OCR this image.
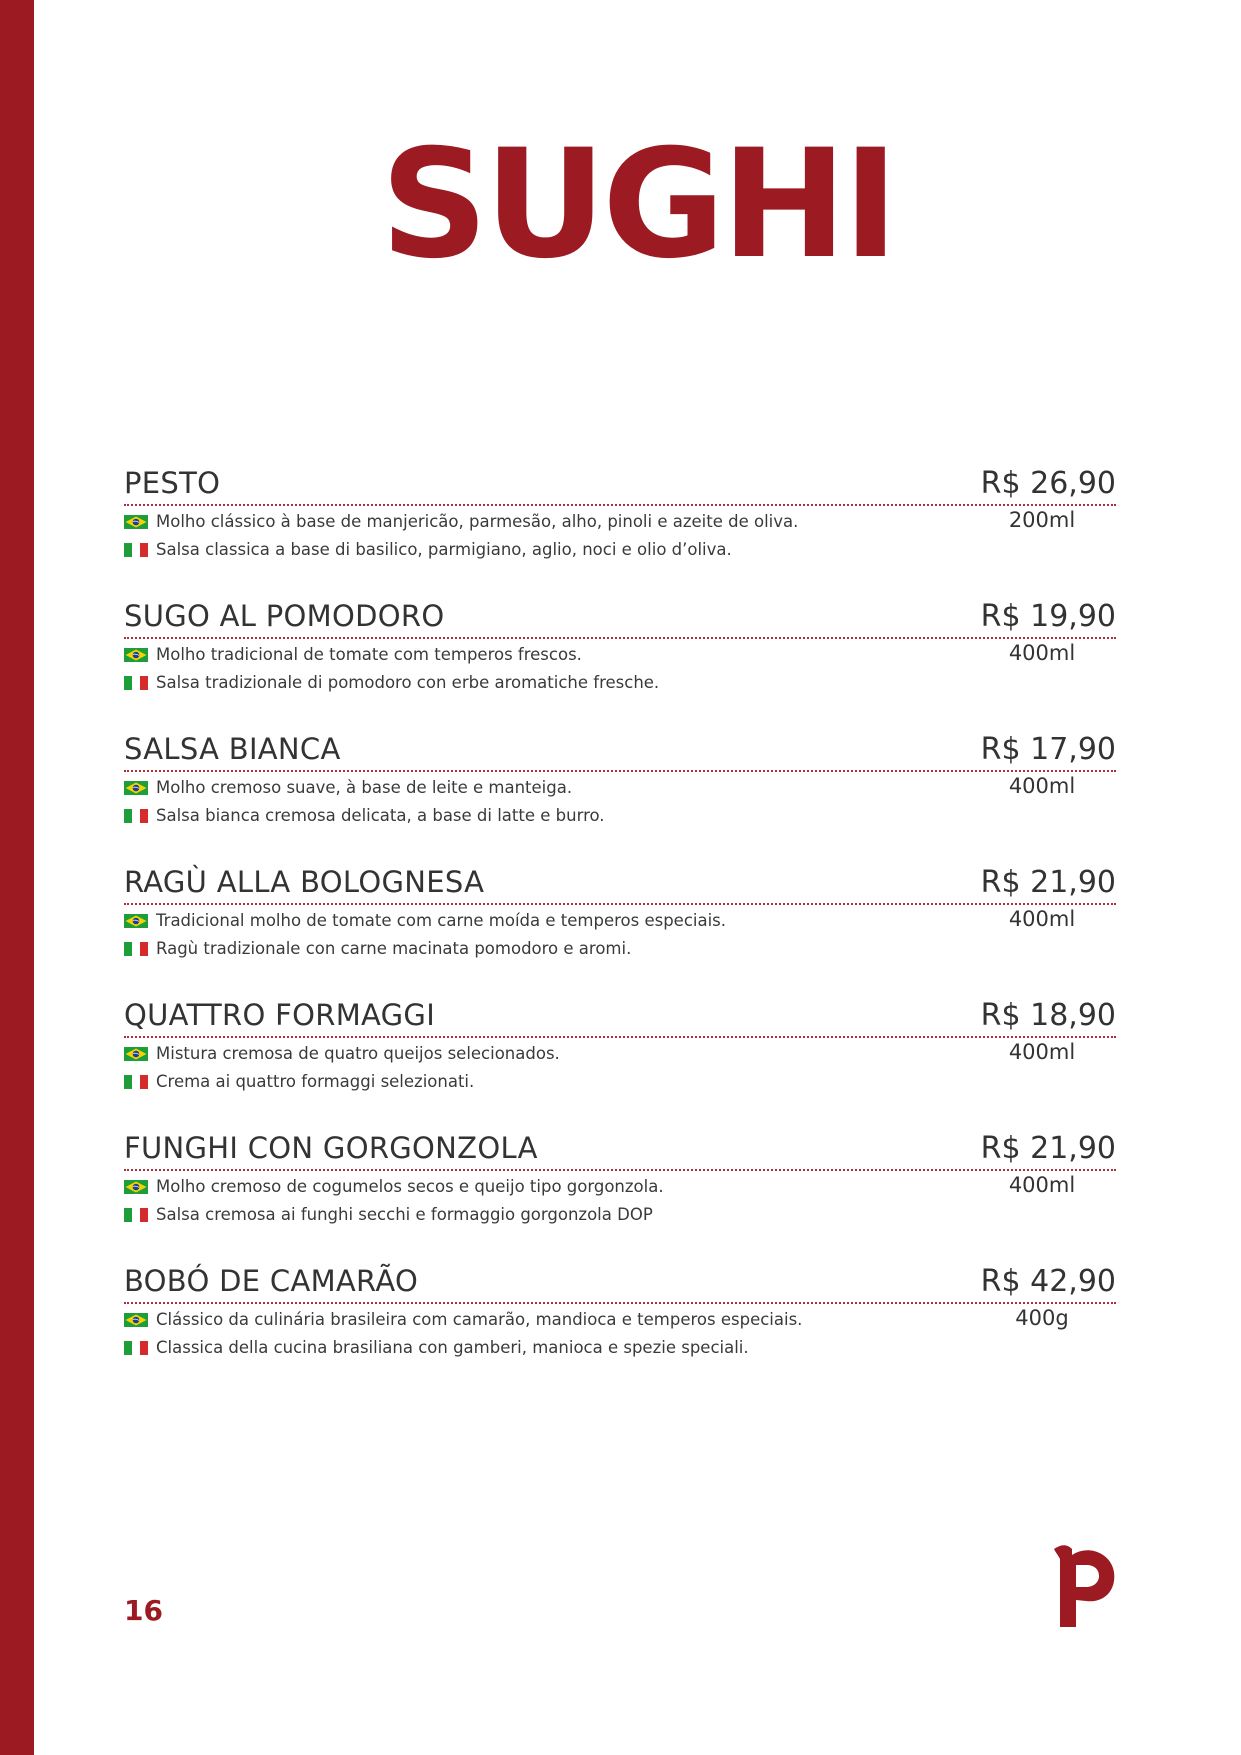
SUGHI
PESTO	R$ 26,90
200ml
Molho clássico à base de manjericão, parmesão, alho, pinoli e azeite de oliva.
Salsa classica a base di basilico, parmigiano, aglio, noci e olio d’oliva.
SUGO AL POMODORO	R$ 19,90
400ml
Molho tradicional de tomate com temperos frescos.
Salsa tradizionale di pomodoro con erbe aromatiche fresche.
SALSA BIANCA	R$ 17,90
400ml
Molho cremoso suave, à base de leite e manteiga.
Salsa bianca cremosa delicata, a base di latte e burro.
RAGÙ ALLA BOLOGNESA	R$ 21,90
400ml
Tradicional molho de tomate com carne moída e temperos especiais.
Ragù tradizionale con carne macinata pomodoro e aromi.
QUATTRO FORMAGGI	R$ 18,90
400ml
Mistura cremosa de quatro queijos selecionados.
Crema ai quattro formaggi selezionati.
FUNGHI CON GORGONZOLA	R$ 21,90
400ml
Molho cremoso de cogumelos secos e queijo tipo gorgonzola.
Salsa cremosa ai funghi secchi e formaggio gorgonzola DOP
BOBÓ DE CAMARÃO	R$ 42,90
400g
Clássico da culinária brasileira com camarão, mandioca e temperos especiais.
Classica della cucina brasiliana con gamberi, manioca e spezie speciali.
16
